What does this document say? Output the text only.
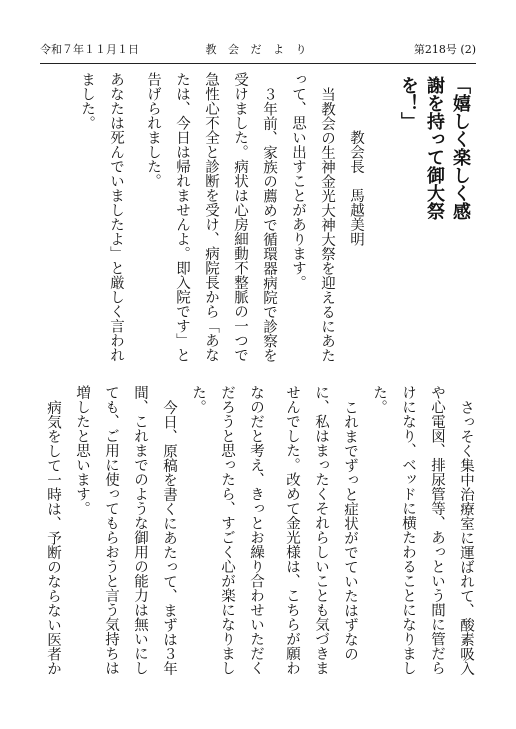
令和７年１１月１日	教 会 だ よ り	第218号 (2)
「嬉しく楽しく感謝を持って御大祭を！」

教会長　馬越美明

当教会の生神金光大神大祭を迎えるにあたって、思い出すことがあります。

３年前、家族の薦めで循環器病院で診察を受けました。病状は心房細動不整脈の一つで急性心不全と診断を受け、病院長から「あなたは、今日は帰れませんよ。即入院です」と告げられました。

あなたは死んでいましたよ」と厳しく言われました。

さっそく集中治療室に運ばれて、酸素吸入や心電図、排尿管等、あっという間に管だらけになり、ベッドに横たわることになりました。

これまでずっと症状がでていたはずなのに、私はまったくそれらしいことも気づきませんでした。改めて金光様は、こちらが願わ

なのだと考え、きっとお繰り合わせいただくだろうと思ったら、すごく心が楽になりました。

今日、原稿を書くにあたって、まずは３年間、これまでのような御用の能力は無いにしても、ご用に使ってもらおうと言う気持ちは増したと思います。

病気をして一時は、予断のならない医者か
